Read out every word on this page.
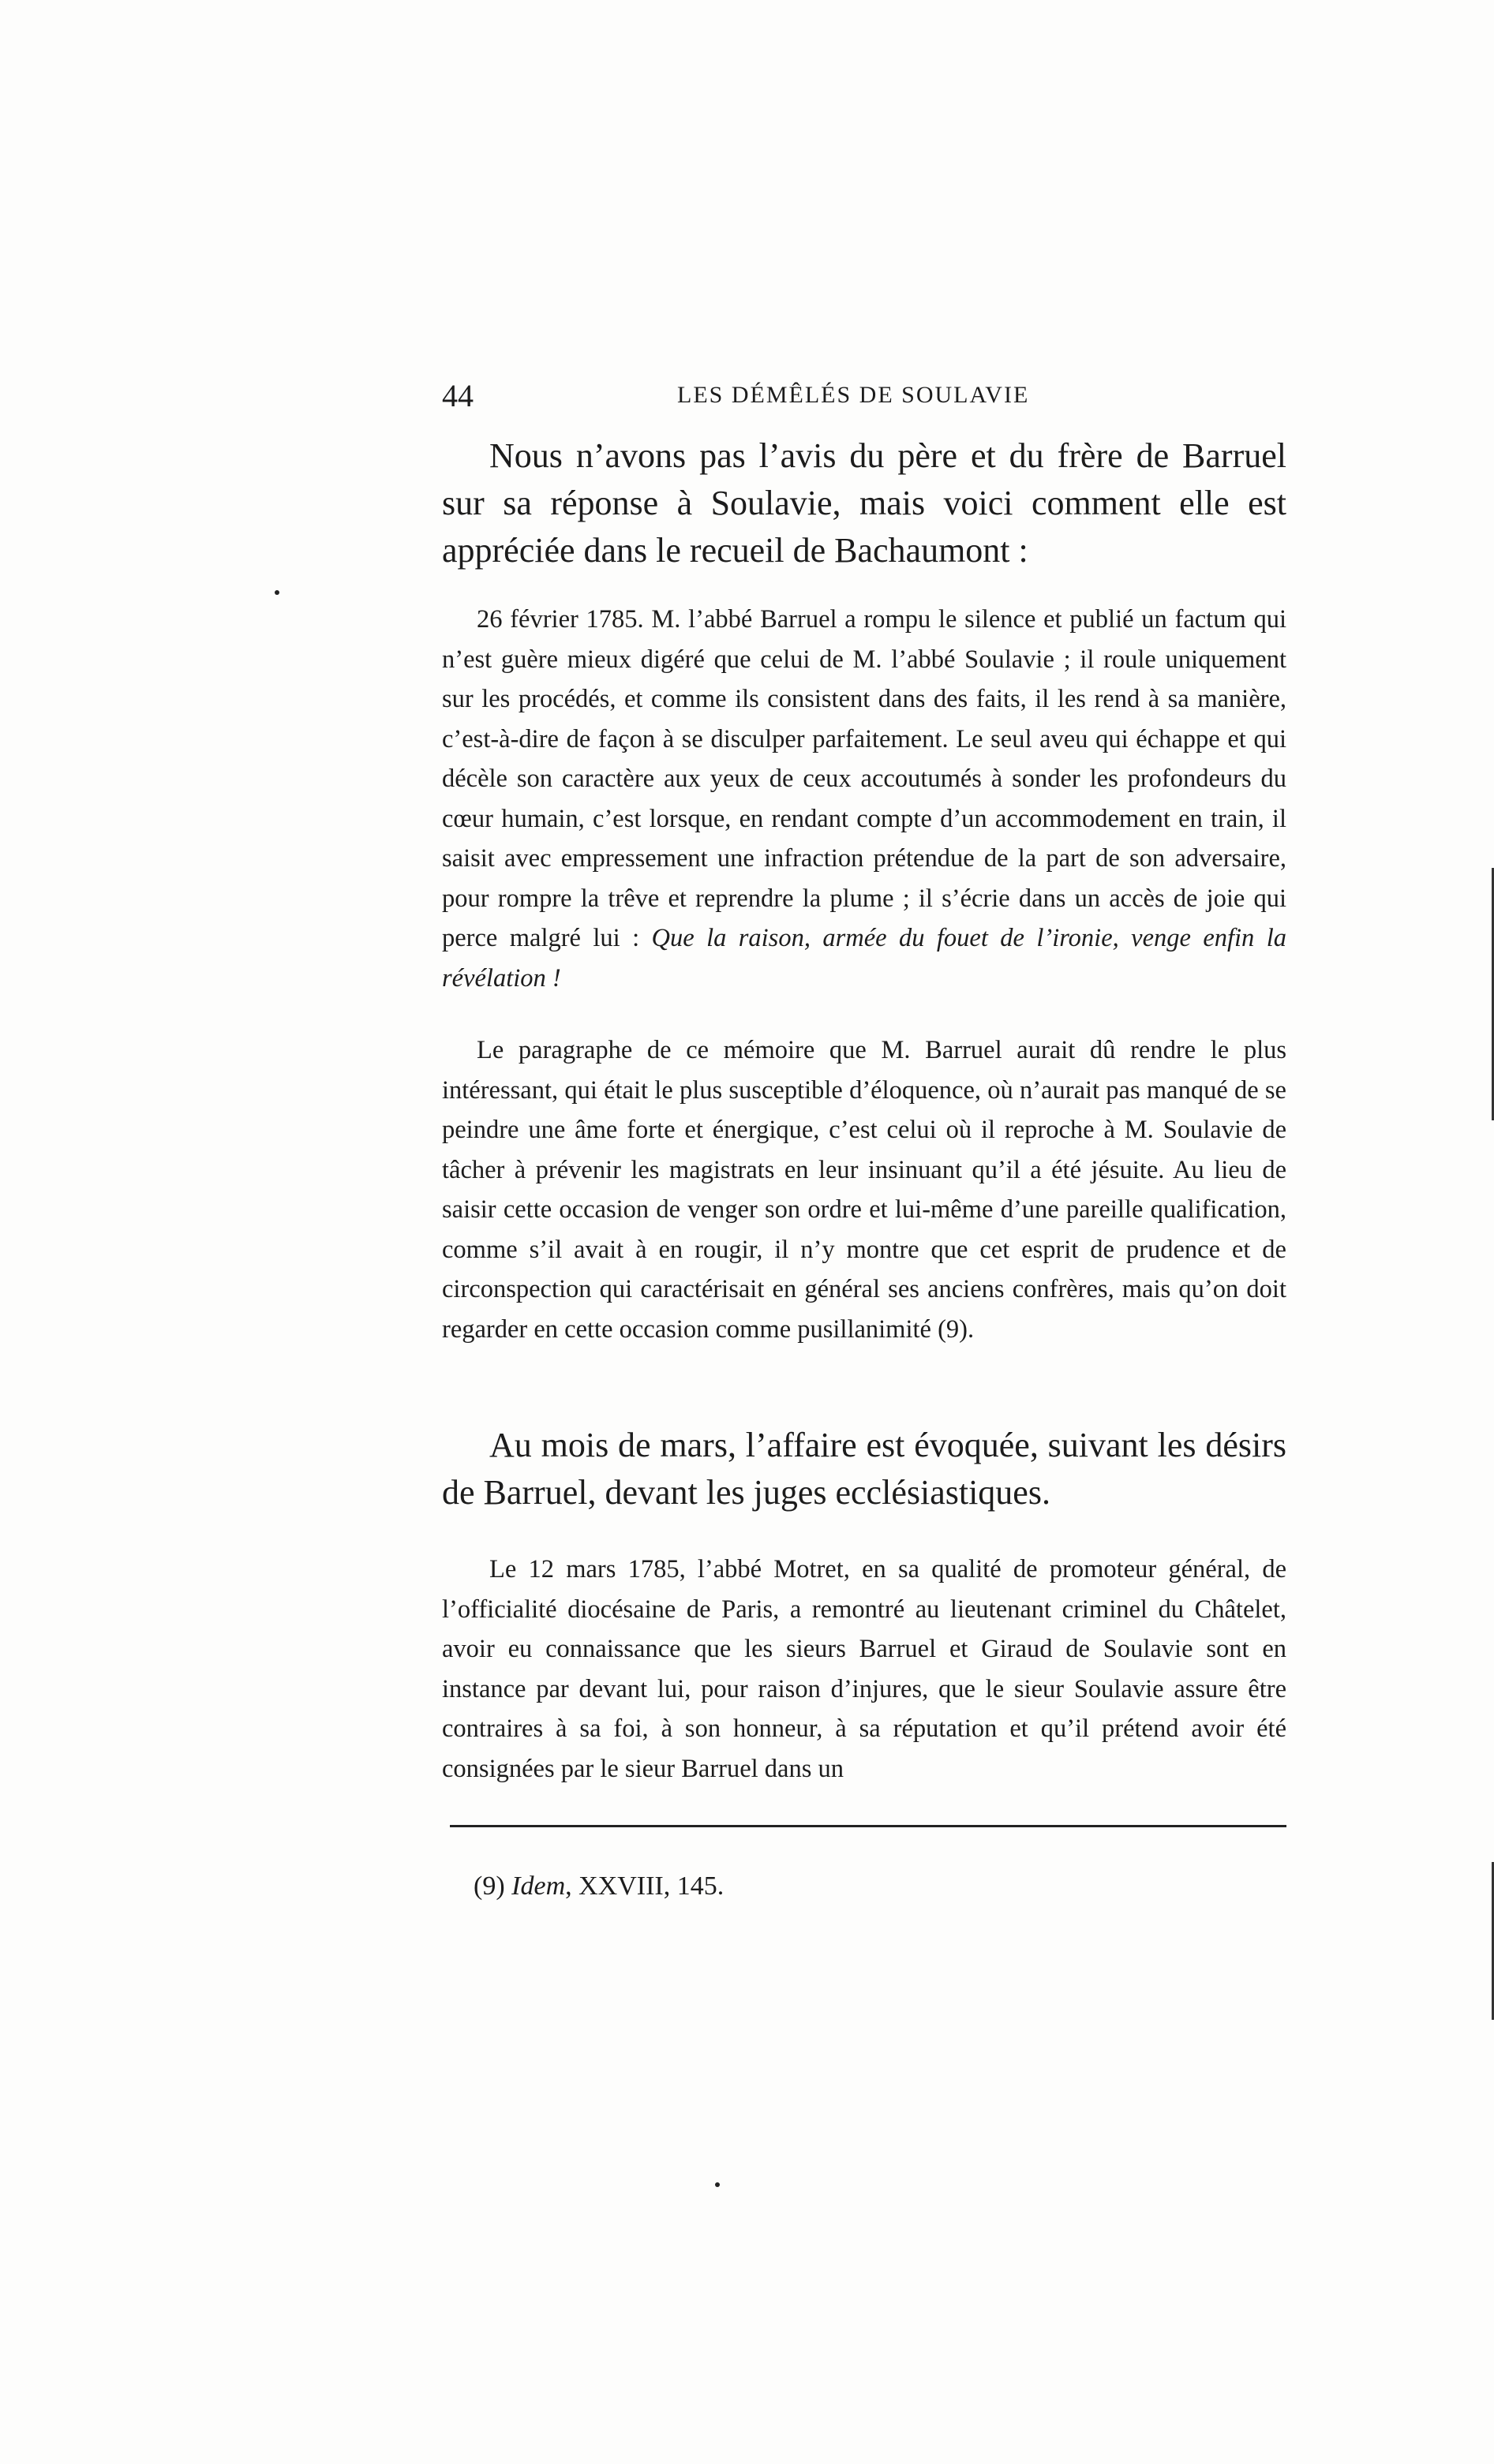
44	LES DÉMÊLÉS DE SOULAVIE

Nous n’avons pas l’avis du père et du frère de Barruel sur sa réponse à Soulavie, mais voici comment elle est appréciée dans le recueil de Bachaumont :

26 février 1785. M. l’abbé Barruel a rompu le silence et publié un factum qui n’est guère mieux digéré que celui de M. l’abbé Soulavie ; il roule uniquement sur les procédés, et comme ils consistent dans des faits, il les rend à sa manière, c’est-à-dire de façon à se disculper parfaitement. Le seul aveu qui échappe et qui décèle son caractère aux yeux de ceux accoutumés à sonder les profondeurs du cœur humain, c’est lorsque, en rendant compte d’un accommodement en train, il saisit avec empressement une infraction prétendue de la part de son adversaire, pour rompre la trêve et reprendre la plume ; il s’écrie dans un accès de joie qui perce malgré lui : Que la raison, armée du fouet de l’ironie, venge enfin la révélation !

Le paragraphe de ce mémoire que M. Barruel aurait dû rendre le plus intéressant, qui était le plus susceptible d’éloquence, où n’aurait pas manqué de se peindre une âme forte et énergique, c’est celui où il reproche à M. Soulavie de tâcher à prévenir les magistrats en leur insinuant qu’il a été jésuite. Au lieu de saisir cette occasion de venger son ordre et lui-même d’une pareille qualification, comme s’il avait à en rougir, il n’y montre que cet esprit de prudence et de circonspection qui caractérisait en général ses anciens confrères, mais qu’on doit regarder en cette occasion comme pusillanimité (9).

Au mois de mars, l’affaire est évoquée, suivant les désirs de Barruel, devant les juges ecclésiastiques.

Le 12 mars 1785, l’abbé Motret, en sa qualité de promoteur général, de l’officialité diocésaine de Paris, a remontré au lieutenant criminel du Châtelet, avoir eu connaissance que les sieurs Barruel et Giraud de Soulavie sont en instance par devant lui, pour raison d’injures, que le sieur Soulavie assure être contraires à sa foi, à son honneur, à sa réputation et qu’il prétend avoir été consignées par le sieur Barruel dans un

(9) Idem, XXVIII, 145.
